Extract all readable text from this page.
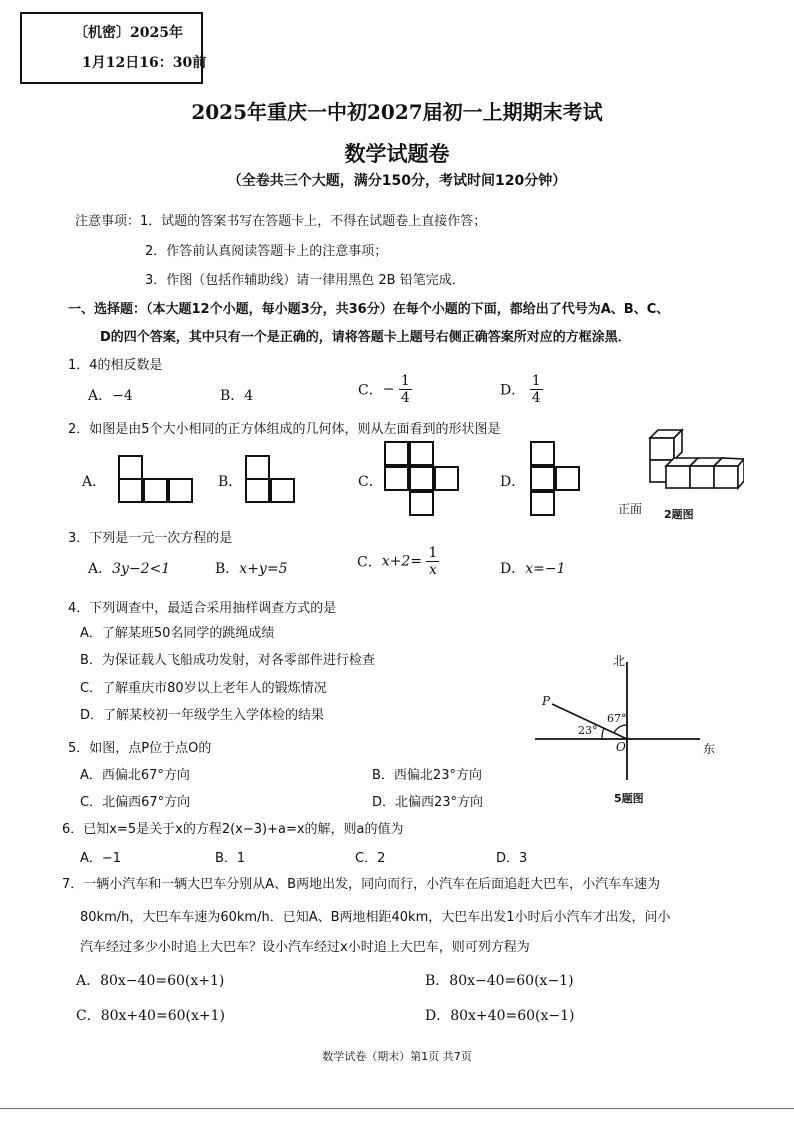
〔机密〕2025年
1月12日16：30前
2025年重庆一中初2027届初一上期期末考试
数学试题卷
（全卷共三个大题，满分150分，考试时间120分钟）
注意事项：1．试题的答案书写在答题卡上，不得在试题卷上直接作答；
2．作答前认真阅读答题卡上的注意事项；
3．作图（包括作辅助线）请一律用黑色 2B 铅笔完成．
一、选择题：（本大题12个小题，每小题3分，共36分）在每个小题的下面，都给出了代号为A、B、C、
D的四个答案，其中只有一个是正确的，请将答题卡上题号右侧正确答案所对应的方框涂黑．
1．4的相反数是
A．−4	B．4	C．− $\frac{1}{4}$	D． $\frac{1}{4}$
2．如图是由5个大小相同的正方体组成的几何体，则从左面看到的形状图是
A．	B．	C．	D．
正面 2题图
3．下列是一元一次方程的是
A．3y−2<1	B．x+y=5	C．$x+2= \frac{1}{x}$	D．x=−1
4．下列调查中，最适合采用抽样调查方式的是
A．了解某班50名同学的跳绳成绩
B．为保证载人飞船成功发射，对各零部件进行检查
C．了解重庆市80岁以上老年人的锻炼情况
D．了解某校初一年级学生入学体检的结果
北
东
P
O
67°
23°
5题图
5．如图，点P位于点O的
A．西偏北67°方向	B．西偏北23°方向
C．北偏西67°方向	D．北偏西23°方向
6．已知x=5是关于x的方程2(x−3)+a=x的解，则a的值为
A．−1	B．1	C．2	D．3
7．一辆小汽车和一辆大巴车分别从A、B两地出发，同向而行，小汽车在后面追赶大巴车，小汽车车速为
80km/h，大巴车车速为60km/h．已知A、B两地相距40km，大巴车出发1小时后小汽车才出发，问小
汽车经过多少小时追上大巴车？设小汽车经过x小时追上大巴车，则可列方程为
A．80x−40=60(x+1)	B．80x−40=60(x−1)
C．80x+40=60(x+1)	D．80x+40=60(x−1)
数学试卷（期末）第1页 共7页
